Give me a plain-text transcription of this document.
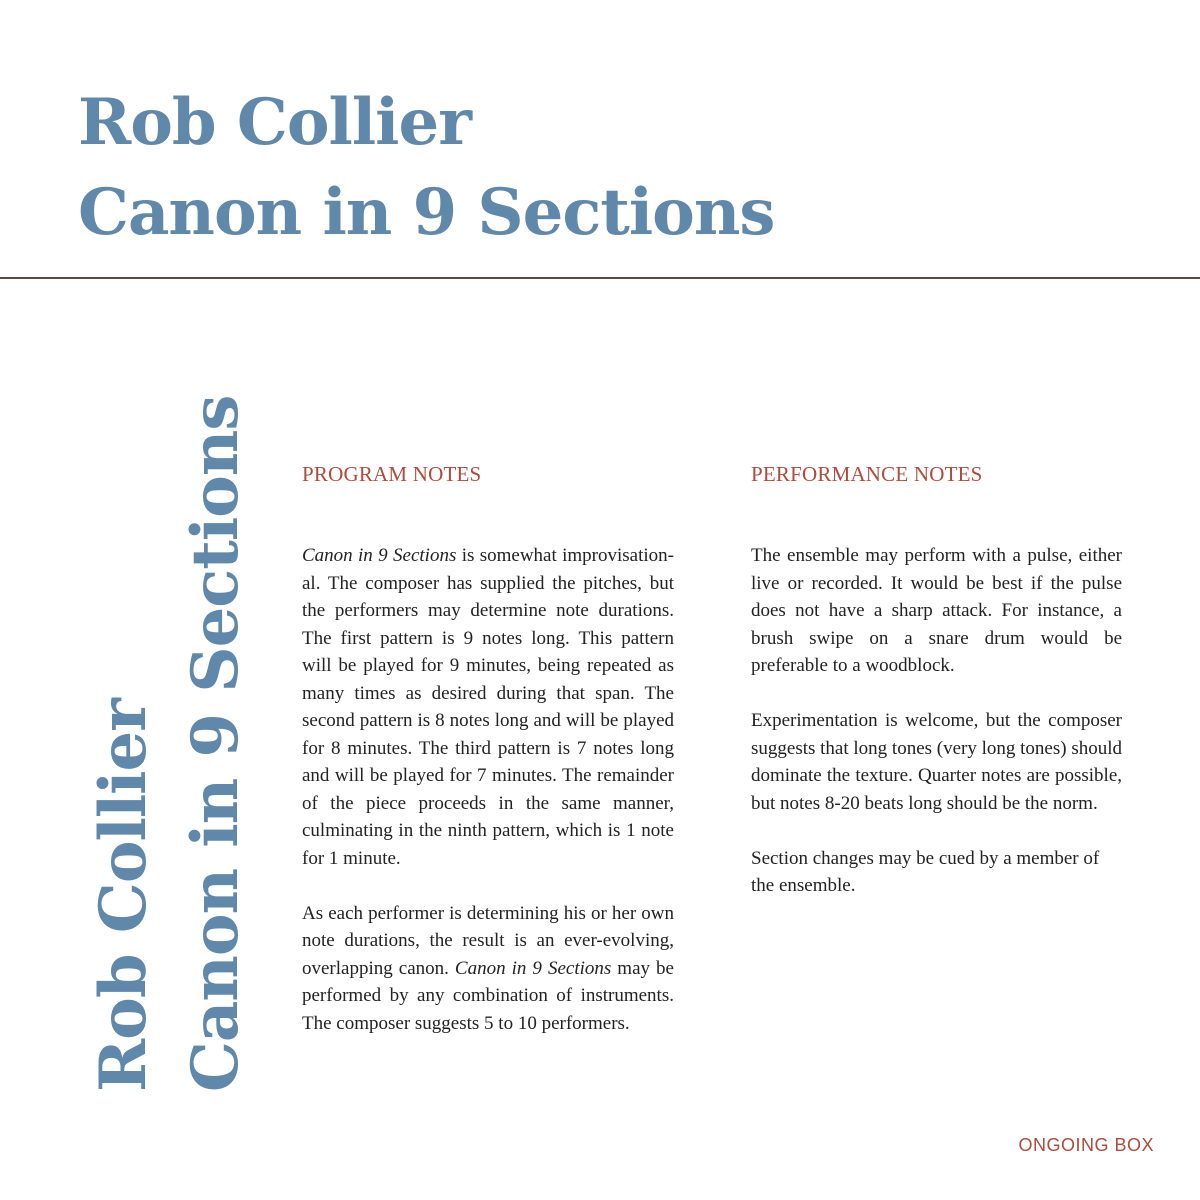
Rob Collier
Canon in 9 Sections
Rob Collier Canon in 9 Sections	PROGRAM NOTES	PERFORMANCE NOTES

Canon in 9 Sections is somewhat improvisational. The composer has supplied the pitches, but the performers may determine note durations. The first pattern is 9 notes long. This pattern will be played for 9 minutes, being repeated as many times as desired during that span. The second pattern is 8 notes long and will be played for 8 minutes. The third pattern is 7 notes long and will be played for 7 minutes. The remainder of the piece proceeds in the same manner, culminating in the ninth pattern, which is 1 note for 1 minute.

As each performer is determining his or her own note durations, the result is an ever-evolving, overlapping canon. Canon in 9 Sections may be performed by any combination of instruments. The composer suggests 5 to 10 performers.

The ensemble may perform with a pulse, either live or recorded. It would be best if the pulse does not have a sharp attack. For instance, a brush swipe on a snare drum would be preferable to a woodblock.

Experimentation is welcome, but the composer suggests that long tones (very long tones) should dominate the texture. Quarter notes are possible, but notes 8-20 beats long should be the norm.

Section changes may be cued by a member of the ensemble.

ONGOING BOX
